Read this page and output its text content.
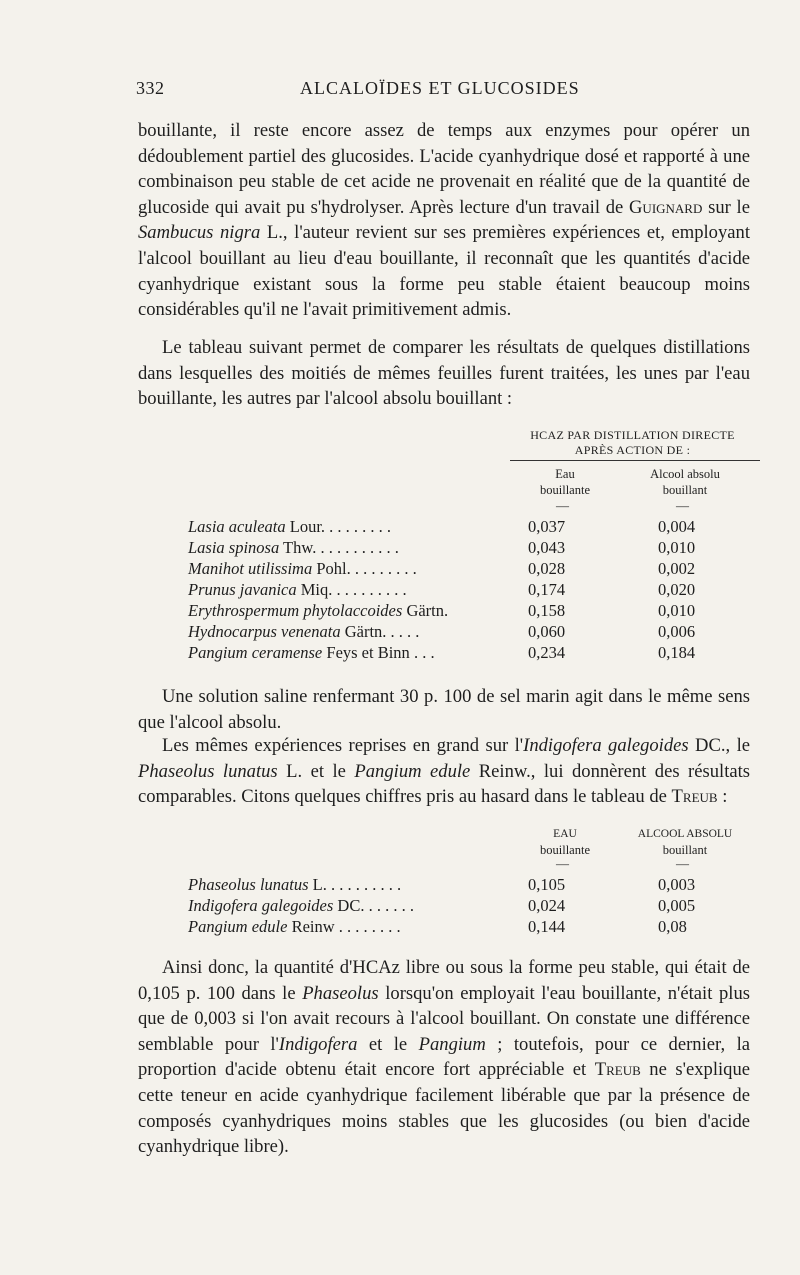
332	ALCALOÏDES ET GLUCOSIDES

bouillante, il reste encore assez de temps aux enzymes pour opérer un dédoublement partiel des glucosides. L'acide cyanhydrique dosé et rapporté à une combinaison peu stable de cet acide ne provenait en réalité que de la quantité de glucoside qui avait pu s'hydrolyser. Après lecture d'un travail de Guignard sur le Sambucus nigra L., l'auteur revient sur ses premières expériences et, employant l'alcool bouillant au lieu d'eau bouillante, il reconnaît que les quantités d'acide cyanhydrique existant sous la forme peu stable étaient beaucoup moins considérables qu'il ne l'avait primitivement admis.

Le tableau suivant permet de comparer les résultats de quelques distillations dans lesquelles des moitiés de mêmes feuilles furent traitées, les unes par l'eau bouillante, les autres par l'alcool absolu bouillant :

HCAZ PAR DISTILLATION DIRECTE
APRÈS ACTION DE :
Eau
bouillante
Alcool absolu
bouillant
—	—
Lasia aculeata Lour. . . . . . . . .	0,037	0,004
Lasia spinosa Thw. . . . . . . . . . .	0,043	0,010
Manihot utilissima Pohl. . . . . . . . .	0,028	0,002
Prunus javanica Miq. . . . . . . . . .	0,174	0,020
Erythrospermum phytolaccoides Gärtn.	0,158	0,010
Hydnocarpus venenata Gärtn. . . . .	0,060	0,006
Pangium ceramense Feys et Binn . . .	0,234	0,184

Une solution saline renfermant 30 p. 100 de sel marin agit dans le même sens que l'alcool absolu.

Les mêmes expériences reprises en grand sur l'Indigofera galegoides DC., le Phaseolus lunatus L. et le Pangium edule Reinw., lui donnèrent des résultats comparables. Citons quelques chiffres pris au hasard dans le tableau de Treub :

EAU
bouillante
ALCOOL ABSOLU
bouillant
—	—
Phaseolus lunatus L. . . . . . . . . .	0,105	0,003
Indigofera galegoides DC. . . . . . .	0,024	0,005
Pangium edule Reinw . . . . . . . .	0,144	0,08

Ainsi donc, la quantité d'HCAz libre ou sous la forme peu stable, qui était de 0,105 p. 100 dans le Phaseolus lorsqu'on employait l'eau bouillante, n'était plus que de 0,003 si l'on avait recours à l'alcool bouillant. On constate une différence semblable pour l'Indigofera et le Pangium ; toutefois, pour ce dernier, la proportion d'acide obtenu était encore fort appréciable et Treub ne s'explique cette teneur en acide cyanhydrique facilement libérable que par la présence de composés cyanhydriques moins stables que les glucosides (ou bien d'acide cyanhydrique libre).
